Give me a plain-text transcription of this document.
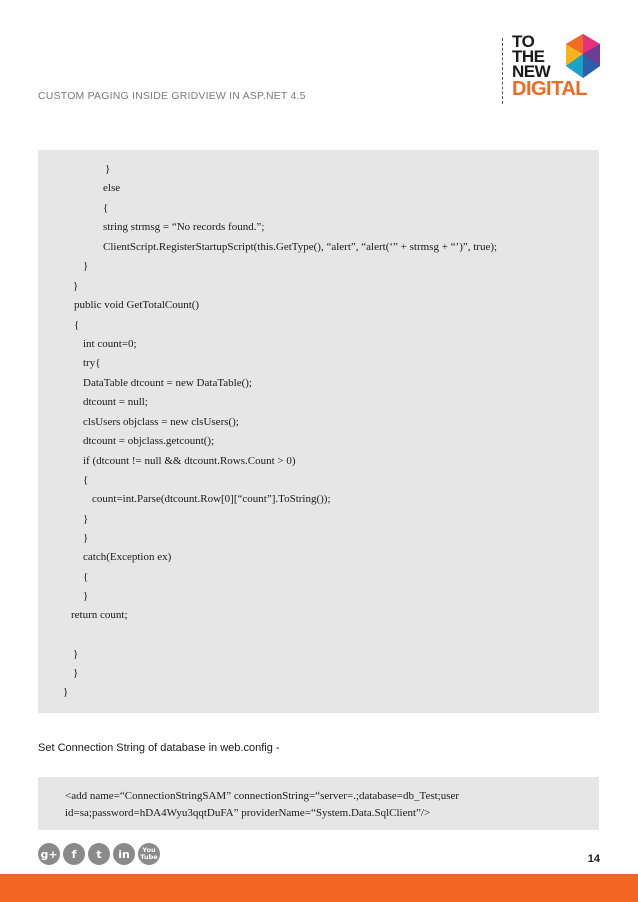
CUSTOM PAGING INSIDE GRIDVIEW IN ASP.NET 4.5
TO
THE
NEW
DIGITAL
}
else
{
string strmsg = “No records found.”;
ClientScript.RegisterStartupScript(this.GetType(), “alert”, “alert(‘” + strmsg + “’)”, true);
}
}
public void GetTotalCount()
{
int count=0;
try{
DataTable dtcount = new DataTable();
dtcount = null;
clsUsers objclass = new clsUsers();
dtcount = objclass.getcount();
if (dtcount != null && dtcount.Rows.Count > 0)
{
count=int.Parse(dtcount.Row[0][“count”].ToString());
}
}
catch(Exception ex)
{
}
return count;
}
}
}
Set Connection String of database in web.config -
<add name=“ConnectionStringSAM” connectionString=“server=.;database=db_Test;user
id=sa;password=hDA4Wyu3qqtDuFA” providerName=“System.Data.SqlClient”/>
g+	f	t	in	You Tube	14
